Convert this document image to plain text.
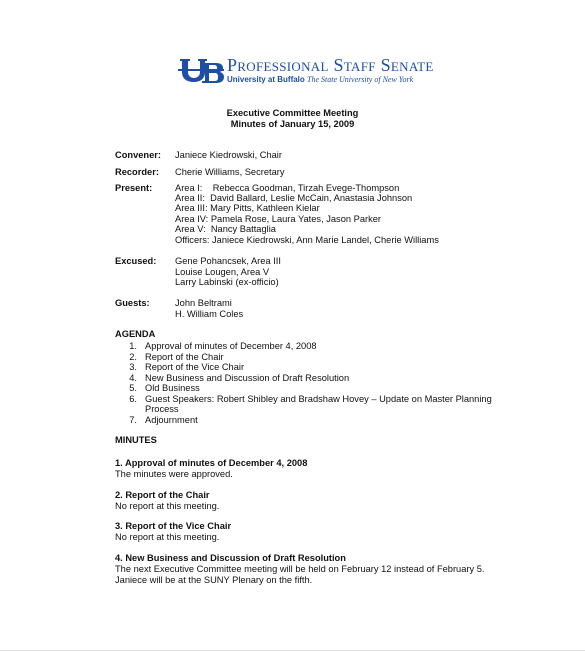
Professional Staff Senate
University at Buffalo The State University of New York
Executive Committee Meeting
Minutes of January 15, 2009
Convener: Janiece Kiedrowski, Chair
Recorder: Cherie Williams, Secretary
Present: Area I:    Rebecca Goodman, Tirzah Evege-Thompson
Area II:  David Ballard, Leslie McCain, Anastasia Johnson
Area III: Mary Pitts, Kathleen Kielar
Area IV: Pamela Rose, Laura Yates, Jason Parker
Area V:  Nancy Battaglia
Officers: Janiece Kiedrowski, Ann Marie Landel, Cherie Williams
Excused: Gene Pohancsek, Area III
Louise Lougen, Area V
Larry Labinski (ex-officio)
Guests:	John Beltrami
H. William Coles
AGENDA
1. Approval of minutes of December 4, 2008
2. Report of the Chair
3. Report of the Vice Chair
4. New Business and Discussion of Draft Resolution
5. Old Business
6. Guest Speakers: Robert Shibley and Bradshaw Hovey – Update on Master Planning
Process
7. Adjournment
MINUTES
1. Approval of minutes of December 4, 2008
The minutes were approved.
2. Report of the Chair
No report at this meeting.
3. Report of the Vice Chair
No report at this meeting.
4. New Business and Discussion of Draft Resolution
The next Executive Committee meeting will be held on February 12 instead of February 5.
Janiece will be at the SUNY Plenary on the fifth.
